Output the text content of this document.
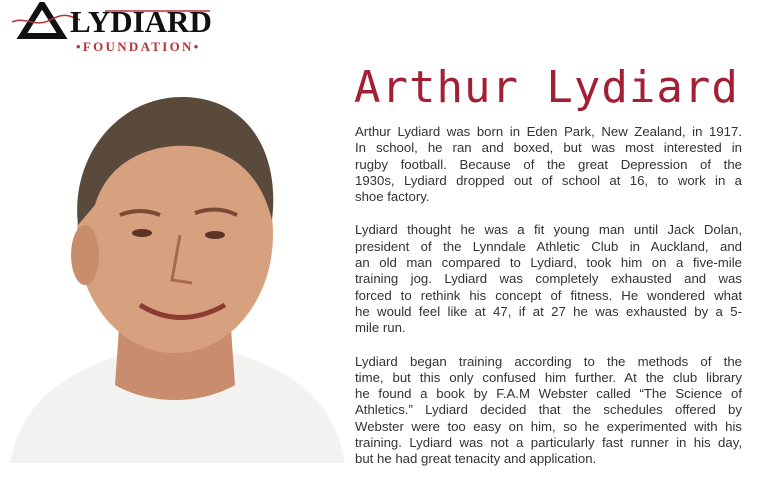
LYDIARD
•FOUNDATION•
Arthur Lydiard
Arthur Lydiard was born in Eden Park, New Zealand, in 1917.
In school, he ran and boxed, but was most interested in
rugby football. Because of the great Depression of the
1930s, Lydiard dropped out of school at 16, to work in a
shoe factory.
Lydiard thought he was a fit young man until Jack Dolan,
president of the Lynndale Athletic Club in Auckland, and
an old man compared to Lydiard, took him on a five-mile
training jog. Lydiard was completely exhausted and was
forced to rethink his concept of fitness. He wondered what
he would feel like at 47, if at 27 he was exhausted by a 5-
mile run.
Lydiard began training according to the methods of the
time, but this only confused him further. At the club library
he found a book by F.A.M Webster called “The Science of
Athletics.” Lydiard decided that the schedules offered by
Webster were too easy on him, so he experimented with his
training. Lydiard was not a particularly fast runner in his day,
but he had great tenacity and application.
